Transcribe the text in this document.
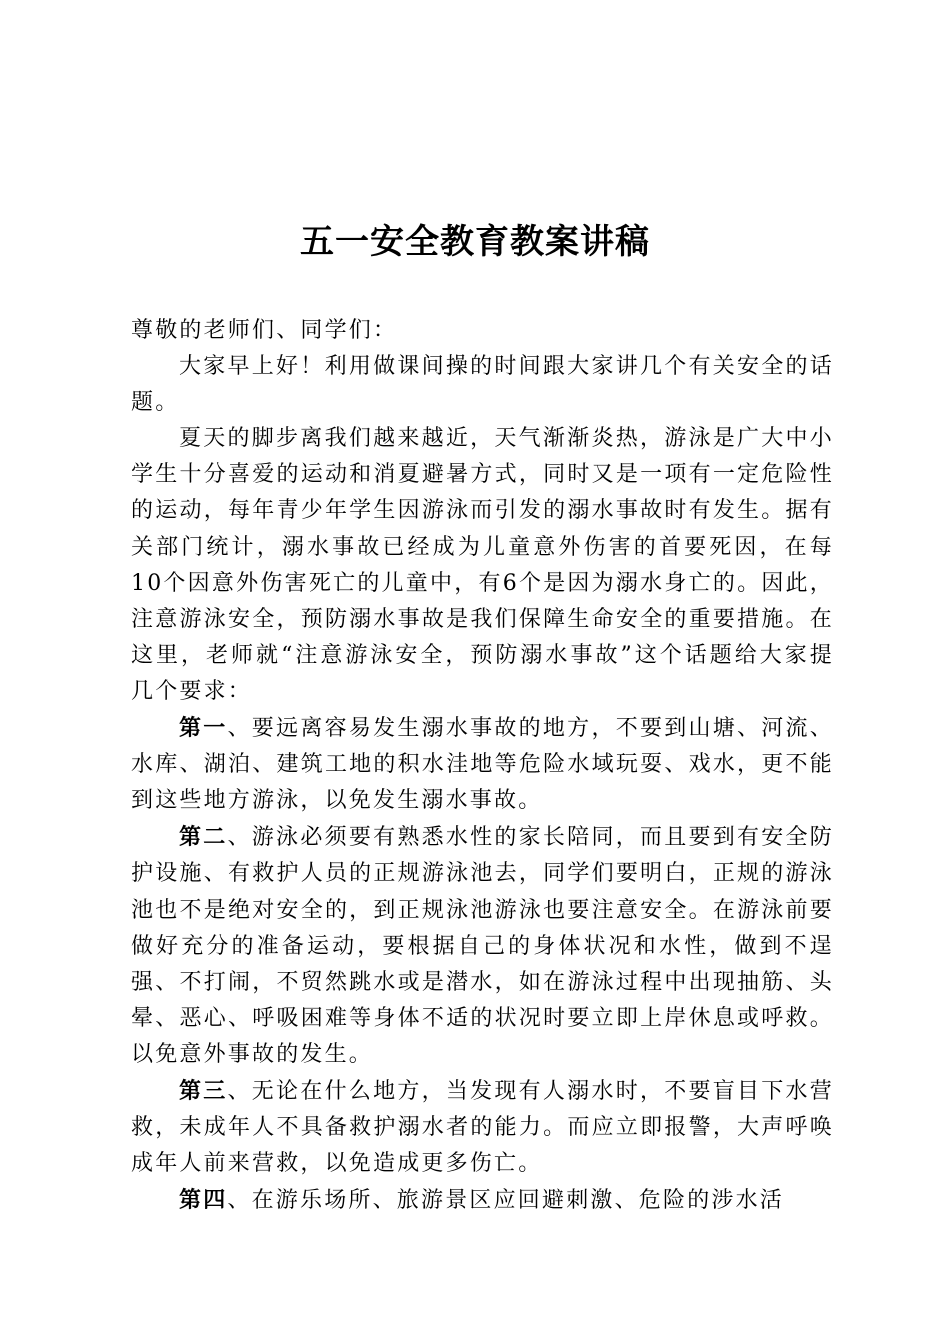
五一安全教育教案讲稿

尊敬的老师们、同学们：

大家早上好！利用做课间操的时间跟大家讲几个有关安全的话题。

夏天的脚步离我们越来越近，天气渐渐炎热，游泳是广大中小学生十分喜爱的运动和消夏避暑方式，同时又是一项有一定危险性的运动，每年青少年学生因游泳而引发的溺水事故时有发生。据有关部门统计，溺水事故已经成为儿童意外伤害的首要死因，在每10个因意外伤害死亡的儿童中，有6个是因为溺水身亡的。因此，注意游泳安全，预防溺水事故是我们保障生命安全的重要措施。在这里，老师就“注意游泳安全，预防溺水事故”这个话题给大家提几个要求：

第一、要远离容易发生溺水事故的地方，不要到山塘、河流、水库、湖泊、建筑工地的积水洼地等危险水域玩耍、戏水，更不能到这些地方游泳，以免发生溺水事故。

第二、游泳必须要有熟悉水性的家长陪同，而且要到有安全防护设施、有救护人员的正规游泳池去，同学们要明白，正规的游泳池也不是绝对安全的，到正规泳池游泳也要注意安全。在游泳前要做好充分的准备运动，要根据自己的身体状况和水性，做到不逞强、不打闹，不贸然跳水或是潜水，如在游泳过程中出现抽筋、头晕、恶心、呼吸困难等身体不适的状况时要立即上岸休息或呼救。以免意外事故的发生。

第三、无论在什么地方，当发现有人溺水时，不要盲目下水营救，未成年人不具备救护溺水者的能力。而应立即报警，大声呼唤成年人前来营救，以免造成更多伤亡。

第四、在游乐场所、旅游景区应回避刺激、危险的涉水活
